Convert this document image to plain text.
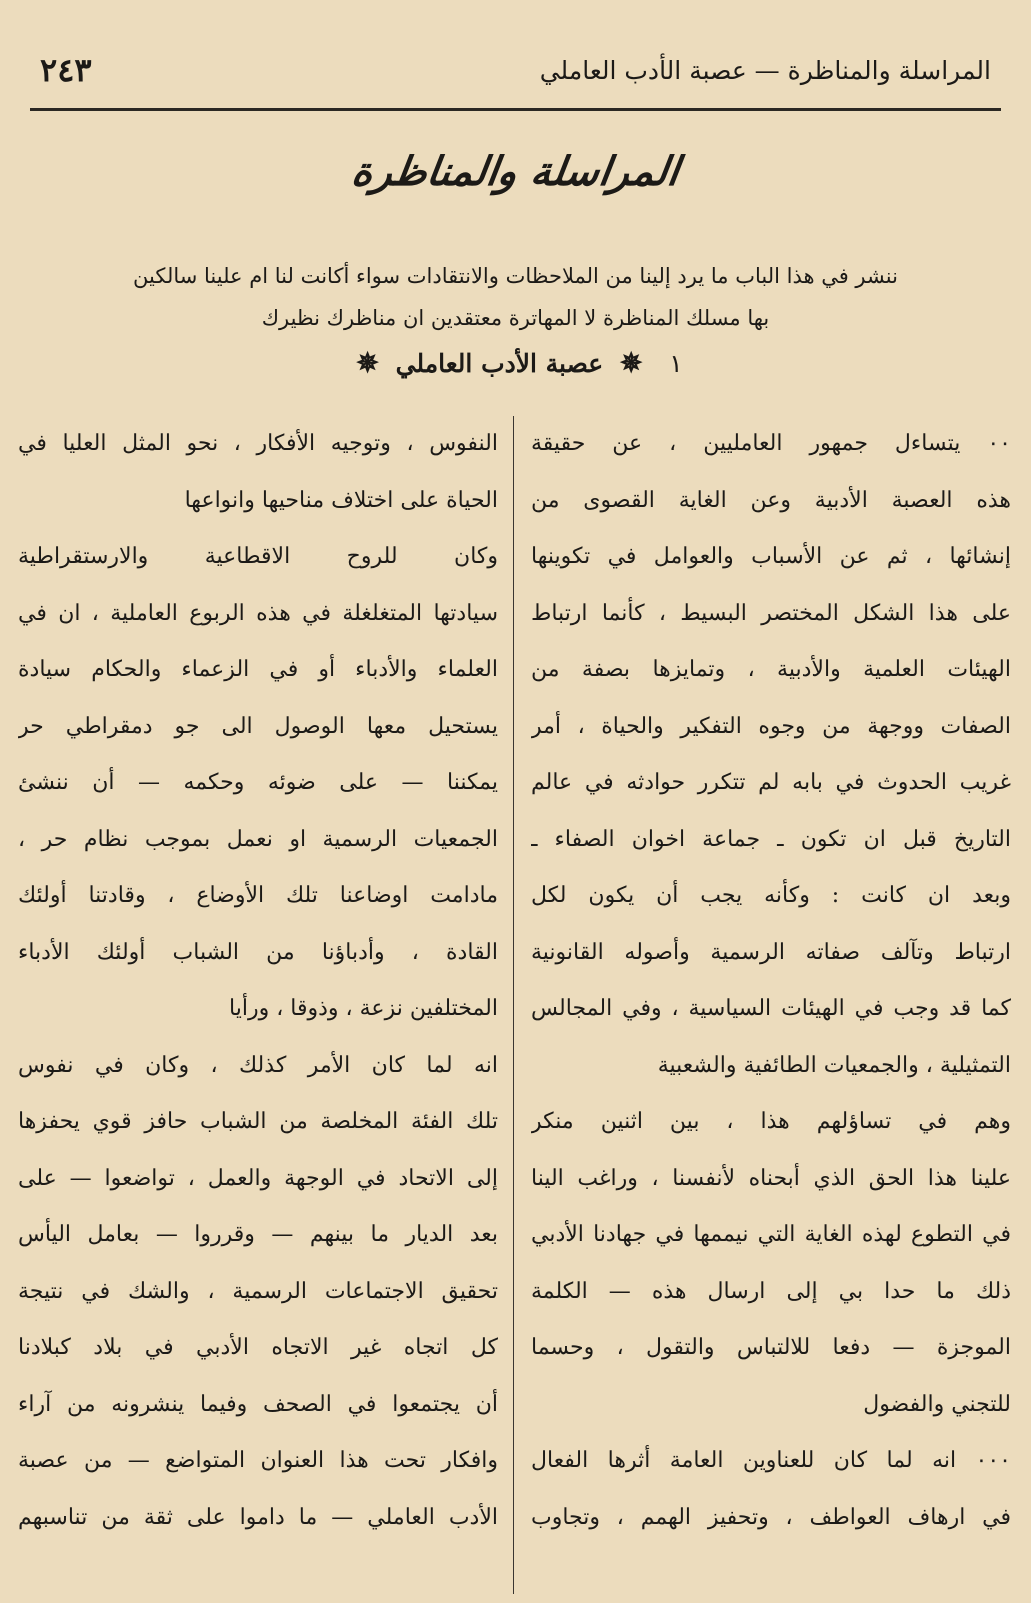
المراسلة والمناظرة — عصبة الأدب العاملي
٢٤٣
المراسلة والمناظرة
ننشر في هذا الباب ما يرد إلينا من الملاحظات والانتقادات سواء أكانت لنا ام علينا سالكين
بها مسلك المناظرة لا المهاترة معتقدين ان مناظرك نظيرك
١ ✵ عصبة الأدب العاملي ✵
٠٠ يتساءل جمهور العامليين ، عن حقيقة
هذه العصبة الأدبية وعن الغاية القصوى من
إنشائها ، ثم عن الأسباب والعوامل في تكوينها
على هذا الشكل المختصر البسيط ، كأنما ارتباط
الهيئات العلمية والأدبية ، وتمايزها بصفة من
الصفات ووجهة من وجوه التفكير والحياة ، أمر
غريب الحدوث في بابه لم تتكرر حوادثه في عالم
التاريخ قبل ان تكون ـ جماعة اخوان الصفاء ـ
وبعد ان كانت : وكأنه يجب أن يكون لكل
ارتباط وتآلف صفاته الرسمية وأصوله القانونية
كما قد وجب في الهيئات السياسية ، وفي المجالس
التمثيلية ، والجمعيات الطائفية والشعبية
وهم في تساؤلهم هذا ، بين اثنين منكر
علينا هذا الحق الذي أبحناه لأنفسنا ، وراغب الينا
في التطوع لهذه الغاية التي نيممها في جهادنا الأدبي
ذلك ما حدا بي إلى ارسال هذه — الكلمة
الموجزة — دفعا للالتباس والتقول ، وحسما
للتجني والفضول
٠٠٠ انه لما كان للعناوين العامة أثرها الفعال
في ارهاف العواطف ، وتحفيز الهمم ، وتجاوب
النفوس ، وتوجيه الأفكار ، نحو المثل العليا في
الحياة على اختلاف مناحيها وانواعها
وكان للروح الاقطاعية والارستقراطية
سيادتها المتغلغلة في هذه الربوع العاملية ، ان في
العلماء والأدباء أو في الزعماء والحكام سيادة
يستحيل معها الوصول الى جو دمقراطي حر
يمكننا — على ضوئه وحكمه — أن ننشئ
الجمعيات الرسمية او نعمل بموجب نظام حر ،
مادامت اوضاعنا تلك الأوضاع ، وقادتنا أولئك
القادة ، وأدباؤنا من الشباب أولئك الأدباء
المختلفين نزعة ، وذوقا ، ورأيا
انه لما كان الأمر كذلك ، وكان في نفوس
تلك الفئة المخلصة من الشباب حافز قوي يحفزها
إلى الاتحاد في الوجهة والعمل ، تواضعوا — على
بعد الديار ما بينهم — وقرروا — بعامل اليأس
تحقيق الاجتماعات الرسمية ، والشك في نتيجة
كل اتجاه غير الاتجاه الأدبي في بلاد كبلادنا
أن يجتمعوا في الصحف وفيما ينشرونه من آراء
وافكار تحت هذا العنوان المتواضع — من عصبة
الأدب العاملي — ما داموا على ثقة من تناسبهم
